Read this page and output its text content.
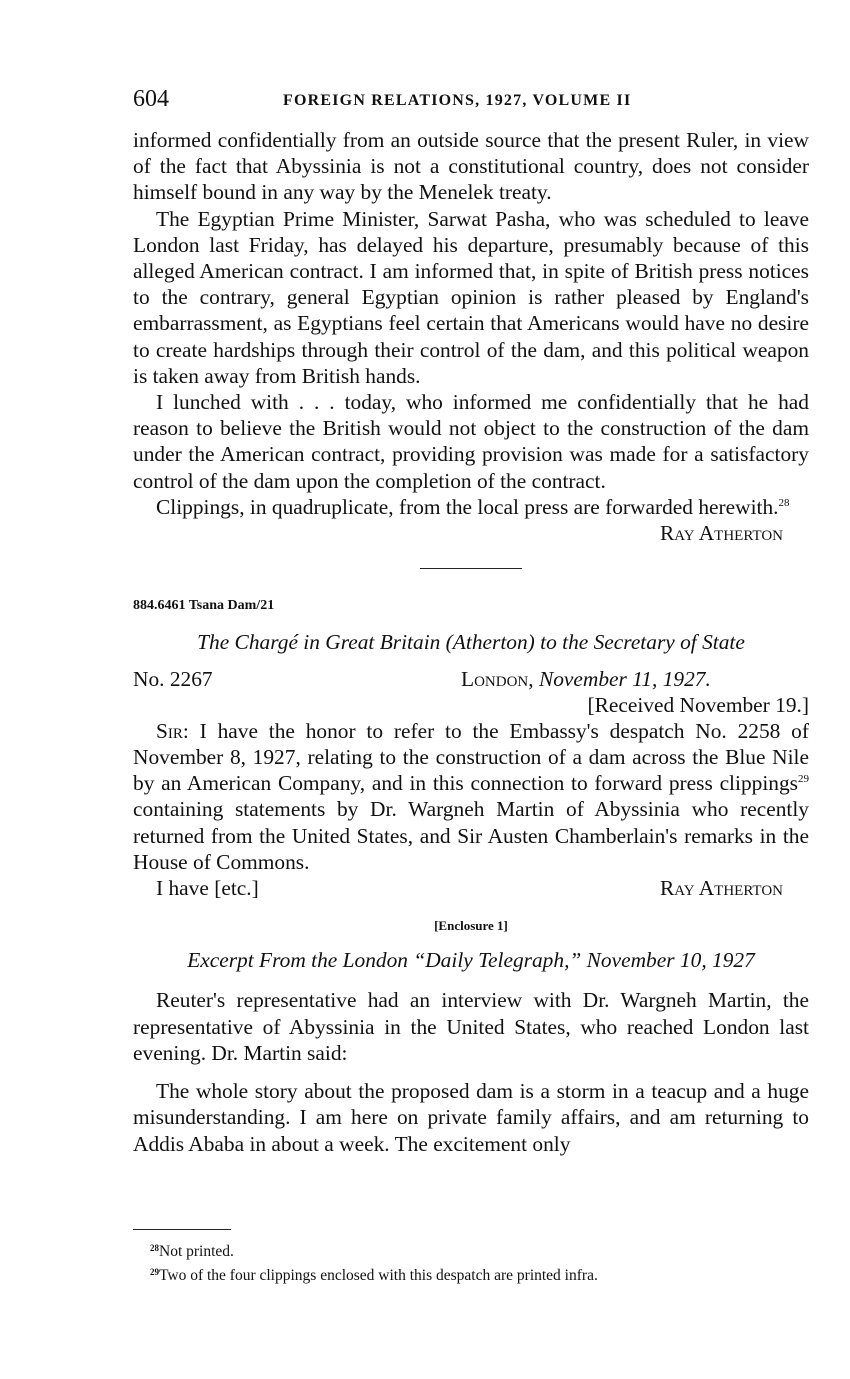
604	FOREIGN RELATIONS, 1927, VOLUME II

informed confidentially from an outside source that the present Ruler, in view of the fact that Abyssinia is not a constitutional country, does not consider himself bound in any way by the Menelek treaty.

The Egyptian Prime Minister, Sarwat Pasha, who was scheduled to leave London last Friday, has delayed his departure, presumably because of this alleged American contract. I am informed that, in spite of British press notices to the contrary, general Egyptian opinion is rather pleased by England's embarrassment, as Egyptians feel certain that Americans would have no desire to create hardships through their control of the dam, and this political weapon is taken away from British hands.

I lunched with . . . today, who informed me confidentially that he had reason to believe the British would not object to the construction of the dam under the American contract, providing provision was made for a satisfactory control of the dam upon the completion of the contract.

Clippings, in quadruplicate, from the local press are forwarded herewith.$^{28}$

Ray Atherton

884.6461 Tsana Dam/21
The Chargé in Great Britain (Atherton) to the Secretary of State
No. 2267	London, November 11, 1927.
[Received November 19.]

Sir: I have the honor to refer to the Embassy's despatch No. 2258 of November 8, 1927, relating to the construction of a dam across the Blue Nile by an American Company, and in this connection to forward press clippings$^{29}$ containing statements by Dr. Wargneh Martin of Abyssinia who recently returned from the United States, and Sir Austen Chamberlain's remarks in the House of Commons.

I have [etc.]	Ray Atherton
[Enclosure 1]
Excerpt From the London “Daily Telegraph,” November 10, 1927

Reuter's representative had an interview with Dr. Wargneh Martin, the representative of Abyssinia in the United States, who reached London last evening. Dr. Martin said:

The whole story about the proposed dam is a storm in a teacup and a huge misunderstanding. I am here on private family affairs, and am returning to Addis Ababa in about a week. The excitement only

$^{28}$Not printed.
$^{29}$Two of the four clippings enclosed with this despatch are printed infra.
